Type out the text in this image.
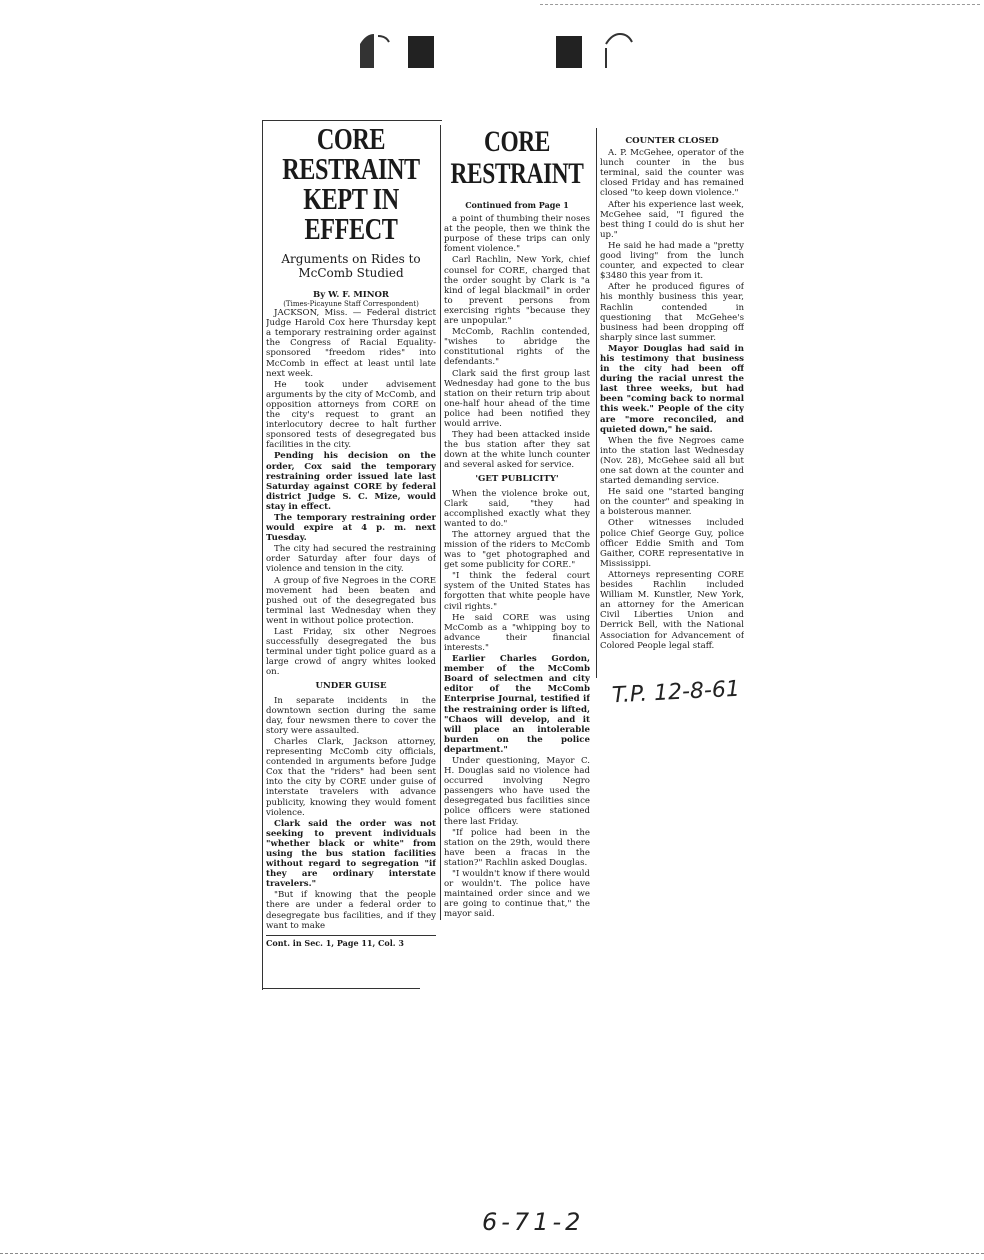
CORE RESTRAINT
KEPT IN EFFECT
Arguments on Rides to McComb Studied
By W. F. MINOR
(Times-Picayune Staff Correspondent)

JACKSON, Miss. — Federal district Judge Harold Cox here Thursday kept a temporary restraining order against the Congress of Racial Equality-sponsored "freedom rides" into McComb in effect at least until late next week.

He took under advisement arguments by the city of McComb, and opposition attorneys from CORE on the city's request to grant an interlocutory decree to halt further sponsored tests of desegregated bus facilities in the city.

Pending his decision on the order, Cox said the temporary restraining order issued late last Saturday against CORE by federal district Judge S. C. Mize, would stay in effect.

The temporary restraining order would expire at 4 p. m. next Tuesday.

The city had secured the restraining order Saturday after four days of violence and tension in the city.

A group of five Negroes in the CORE movement had been beaten and pushed out of the desegregated bus terminal last Wednesday when they went in without police protection.

Last Friday, six other Negroes successfully desegregated the bus terminal under tight police guard as a large crowd of angry whites looked on.

UNDER GUISE

In separate incidents in the downtown section during the same day, four newsmen there to cover the story were assaulted.

Charles Clark, Jackson attorney, representing McComb city officials, contended in arguments before Judge Cox that the "riders" had been sent into the city by CORE under guise of interstate travelers with advance publicity, knowing they would foment violence.

Clark said the order was not seeking to prevent individuals "whether black or white" from using the bus station facilities without regard to segregation "if they are ordinary interstate travelers."

"But if knowing that the people there are under a federal order to desegregate bus facilities, and if they want to make

Cont. in Sec. 1, Page 11, Col. 3
CORE RESTRAINT
Continued from Page 1

a point of thumbing their noses at the people, then we think the purpose of these trips can only foment violence."

Carl Rachlin, New York, chief counsel for CORE, charged that the order sought by Clark is "a kind of legal blackmail" in order to prevent persons from exercising rights "because they are unpopular."

McComb, Rachlin contended, "wishes to abridge the constitutional rights of the defendants."

Clark said the first group last Wednesday had gone to the bus station on their return trip about one-half hour ahead of the time police had been notified they would arrive.

They had been attacked inside the bus station after they sat down at the white lunch counter and several asked for service.

'GET PUBLICITY'

When the violence broke out, Clark said, "they had accomplished exactly what they wanted to do."

The attorney argued that the mission of the riders to McComb was to "get photographed and get some publicity for CORE."

"I think the federal court system of the United States has forgotten that white people have civil rights."

He said CORE was using McComb as a "whipping boy to advance their financial interests."

Earlier Charles Gordon, member of the McComb Board of selectmen and city editor of the McComb Enterprise Journal, testified if the restraining order is lifted, "Chaos will develop, and it will place an intolerable burden on the police department."

Under questioning, Mayor C. H. Douglas said no violence had occurred involving Negro passengers who have used the desegregated bus facilities since police officers were stationed there last Friday.

"If police had been in the station on the 29th, would there have been a fracas in the station?" Rachlin asked Douglas.

"I wouldn't know if there would or wouldn't. The police have maintained order since and we are going to continue that," the mayor said.

COUNTER CLOSED

A. P. McGehee, operator of the lunch counter in the bus terminal, said the counter was closed Friday and has remained closed "to keep down violence."

After his experience last week, McGehee said, "I figured the best thing I could do is shut her up."

He said he had made a "pretty good living" from the lunch counter, and expected to clear $3480 this year from it.

After he produced figures of his monthly business this year, Rachlin contended in questioning that McGehee's business had been dropping off sharply since last summer.

Mayor Douglas had said in his testimony that business in the city had been off during the racial unrest the last three weeks, but had been "coming back to normal this week." People of the city are "more reconciled, and quieted down," he said.

When the five Negroes came into the station last Wednesday (Nov. 28), McGehee said all but one sat down at the counter and started demanding service.

He said one "started banging on the counter" and speaking in a boisterous manner.

Other witnesses included police Chief George Guy, police officer Eddie Smith and Tom Gaither, CORE representative in Mississippi.

Attorneys representing CORE besides Rachlin included William M. Kunstler, New York, an attorney for the American Civil Liberties Union and Derrick Bell, with the National Association for Advancement of Colored People legal staff.

T.P. 12-8-61
6-71-2
